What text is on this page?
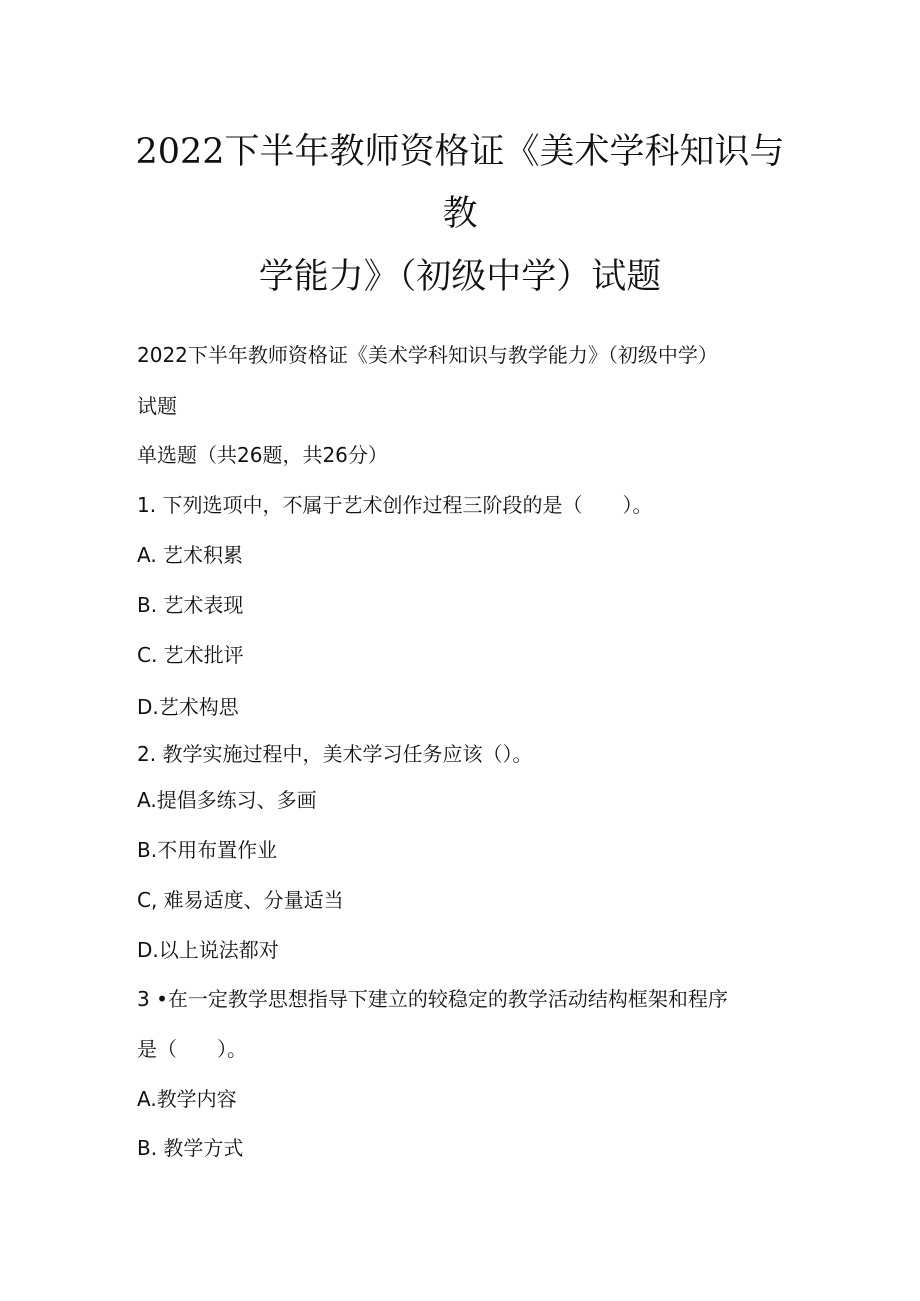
2022下半年教师资格证《美术学科知识与
教
学能力》（初级中学）试题
2022下半年教师资格证《美术学科知识与教学能力》（初级中学）
试题
单选题（共26题，共26分）
1. 下列选项中，不属于艺术创作过程三阶段的是（　　）。
A. 艺术积累
B. 艺术表现
C. 艺术批评
D.艺术构思
2. 教学实施过程中，美术学习任务应该（）。
A.提倡多练习、多画
B.不用布置作业
C, 难易适度、分量适当
D.以上说法都对
3 •在一定教学思想指导下建立的较稳定的教学活动结构框架和程序
是（　　）。
A.教学内容
B. 教学方式
